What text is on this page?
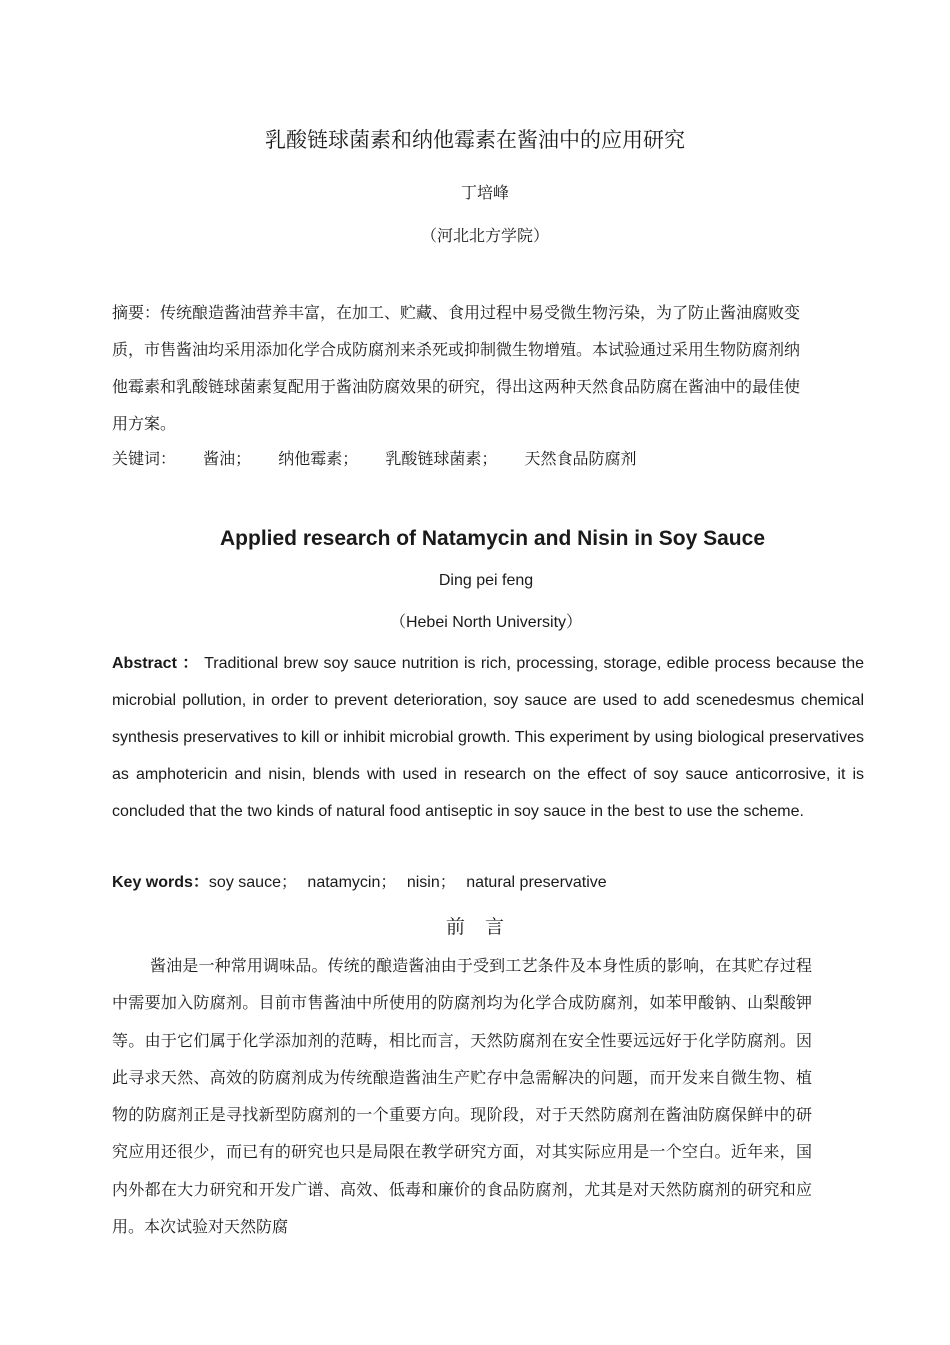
乳酸链球菌素和纳他霉素在酱油中的应用研究
丁培峰
（河北北方学院）
摘要：传统酿造酱油营养丰富，在加工、贮藏、食用过程中易受微生物污染，为了防止酱油腐败变质，市售酱油均采用添加化学合成防腐剂来杀死或抑制微生物增殖。本试验通过采用生物防腐剂纳他霉素和乳酸链球菌素复配用于酱油防腐效果的研究，得出这两种天然食品防腐在酱油中的最佳使用方案。
关键词： 酱油； 纳他霉素； 乳酸链球菌素； 天然食品防腐剂
Applied research of Natamycin and Nisin in Soy Sauce
Ding pei feng
（Hebei North University）
Abstract ： Traditional brew soy sauce nutrition is rich, processing, storage, edible process because the microbial pollution, in order to prevent deterioration, soy sauce are used to add scenedesmus chemical synthesis preservatives to kill or inhibit microbial growth. This experiment by using biological preservatives as amphotericin and nisin, blends with used in research on the effect of soy sauce anticorrosive, it is concluded that the two kinds of natural food antiseptic in soy sauce in the best to use the scheme.
Key words：soy sauce； natamycin； nisin； natural preservative
前言
酱油是一种常用调味品。传统的酿造酱油由于受到工艺条件及本身性质的影响，在其贮存过程中需要加入防腐剂。目前市售酱油中所使用的防腐剂均为化学合成防腐剂，如苯甲酸钠、山梨酸钾等。由于它们属于化学添加剂的范畴，相比而言，天然防腐剂在安全性要远远好于化学防腐剂。因此寻求天然、高效的防腐剂成为传统酿造酱油生产贮存中急需解决的问题，而开发来自微生物、植物的防腐剂正是寻找新型防腐剂的一个重要方向。现阶段，对于天然防腐剂在酱油防腐保鲜中的研究应用还很少，而已有的研究也只是局限在教学研究方面，对其实际应用是一个空白。近年来，国内外都在大力研究和开发广谱、高效、低毒和廉价的食品防腐剂，尤其是对天然防腐剂的研究和应用。本次试验对天然防腐
